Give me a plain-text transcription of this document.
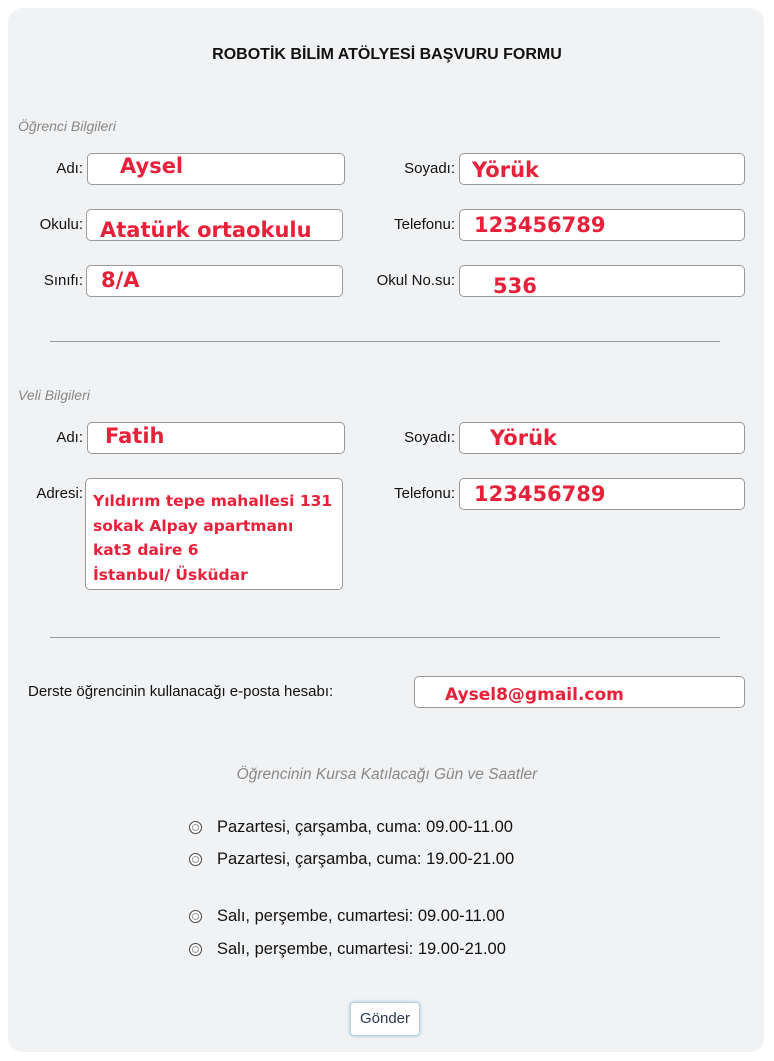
ROBOTİK BİLİM ATÖLYESİ BAŞVURU FORMU
Öğrenci Bilgileri
Adı: Aysel	Soyadı: Yörük
Okulu: Atatürk ortaokulu	Telefonu: 123456789
Sınıfı: 8/A	Okul No.su: 536
Veli Bilgileri
Adı: Fatih	Soyadı: Yörük
Adresi: Yıldırım tepe mahallesi 131
sokak Alpay apartmanı
kat3 daire 6
İstanbul/ Üsküdar
Telefonu: 123456789
Derste öğrencinin kullanacağı e-posta hesabı:	Aysel8@gmail.com
Öğrencinin Kursa Katılacağı Gün ve Saatler
Pazartesi, çarşamba, cuma: 09.00-11.00
Pazartesi, çarşamba, cuma: 19.00-21.00
Salı, perşembe, cumartesi: 09.00-11.00
Salı, perşembe, cumartesi: 19.00-21.00
Gönder
